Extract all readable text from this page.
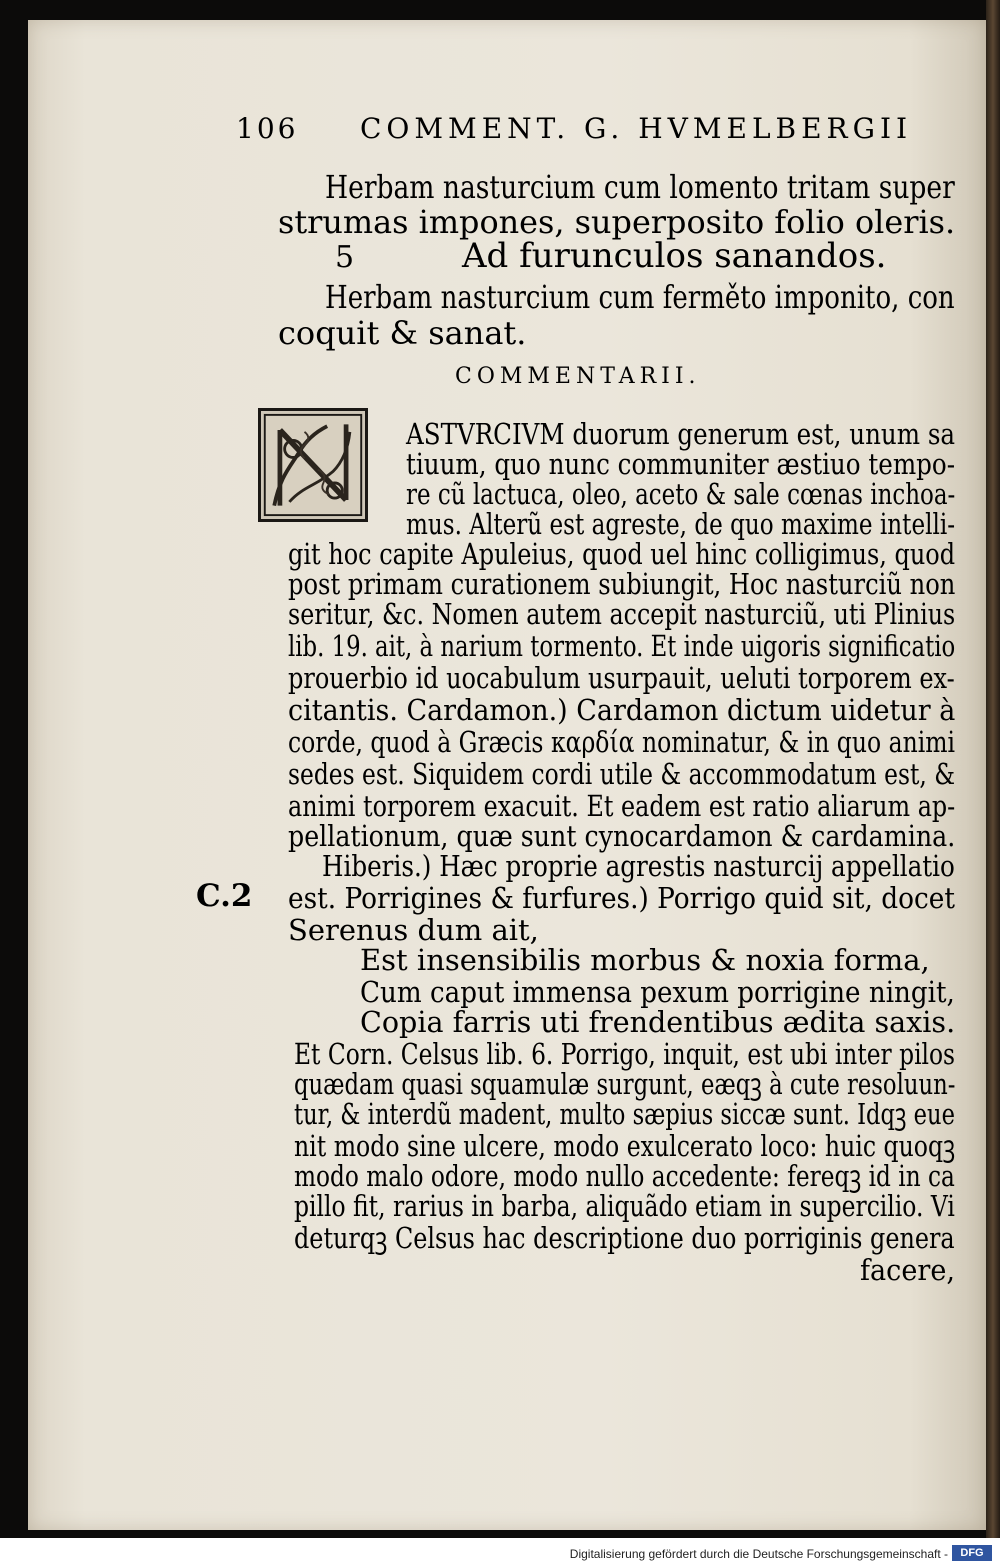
106 COMMENT. G. HVMELBERGII
Herbam nasturcium cum lomento tritam super
strumas impones, superposito folio oleris.
5	Ad furunculos sanandos.
Herbam nasturcium cum ferměto imponito, con
coquit & sanat.
COMMENTARII.
ASTVRCIVM duorum generum est, unum sa
tiuum, quo nunc communiter æstiuo tempo-
re cũ lactuca, oleo, aceto & sale cœnas inchoa-
mus. Alterũ est agreste, de quo maxime intelli-
git hoc capite Apuleius, quod uel hinc colligimus, quod
post primam curationem subiungit, Hoc nasturciũ non
seritur, &c. Nomen autem accepit nasturciũ, uti Plinius
lib. 19. ait, à narium tormento. Et inde uigoris significatio
prouerbio id uocabulum usurpauit, ueluti torporem ex-
citantis. Cardamon.) Cardamon dictum uidetur à
corde, quod à Græcis καρδία nominatur, & in quo animi
sedes est. Siquidem cordi utile & accommodatum est, &
animi torporem exacuit. Et eadem est ratio aliarum ap-
pellationum, quæ sunt cynocardamon & cardamina.
Hiberis.) Hæc proprie agrestis nasturcij appellatio
est. Porrigines & furfures.) Porrigo quid sit, docet
Serenus dum ait,
C.2
Est insensibilis morbus & noxia forma,
Cum caput immensa pexum porrigine ningit,
Copia farris uti frendentibus ædita saxis.
Et Corn. Celsus lib. 6. Porrigo, inquit, est ubi inter pilos
quædam quasi squamulæ surgunt, eæqꝫ à cute resoluun-
tur, & interdũ madent, multo sæpius siccæ sunt. Idqꝫ eue
nit modo sine ulcere, modo exulcerato loco: huic quoqꝫ
modo malo odore, modo nullo accedente: fereqꝫ id in ca
pillo fit, rarius in barba, aliquãdo etiam in supercilio. Vi
deturqꝫ Celsus hac descriptione duo porriginis genera
facere,
Digitalisierung gefördert durch die Deutsche Forschungsgemeinschaft -	DFG
